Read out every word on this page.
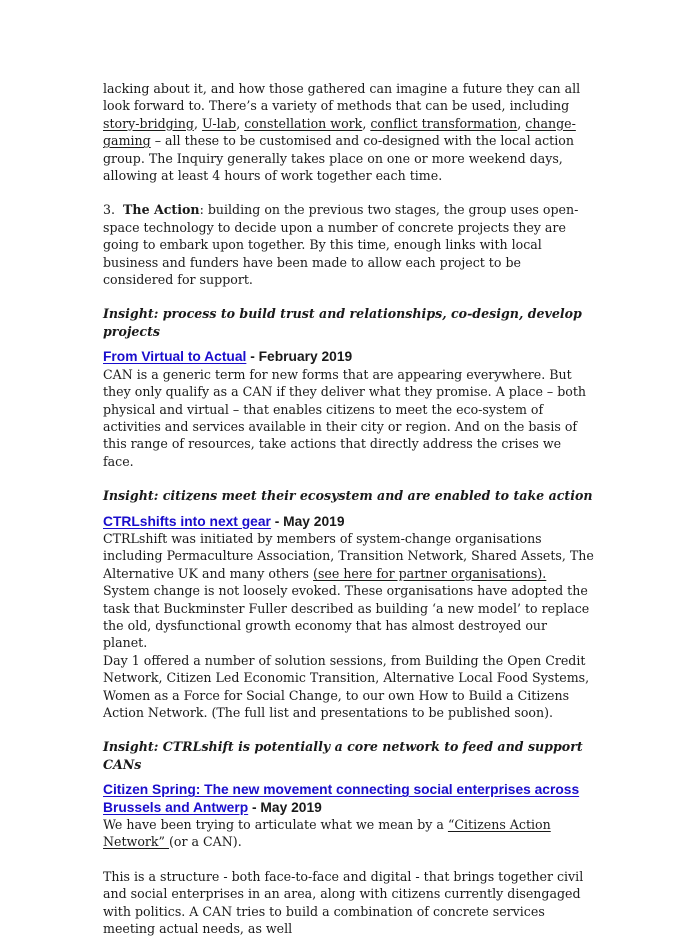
lacking about it, and how those gathered can imagine a future they can all look forward to. There’s a variety of methods that can be used, including story-bridging, U-lab, constellation work, conflict transformation, change-gaming – all these to be customised and co-designed with the local action group. The Inquiry generally takes place on one or more weekend days, allowing at least 4 hours of work together each time.

3. The Action: building on the previous two stages, the group uses open-space technology to decide upon a number of concrete projects they are going to embark upon together. By this time, enough links with local business and funders have been made to allow each project to be considered for support.

Insight: process to build trust and relationships, co-design, develop projects

From Virtual to Actual - February 2019

CAN is a generic term for new forms that are appearing everywhere. But they only qualify as a CAN if they deliver what they promise. A place – both physical and virtual – that enables citizens to meet the eco-system of activities and services available in their city or region. And on the basis of this range of resources, take actions that directly address the crises we face.

Insight: citizens meet their ecosystem and are enabled to take action

CTRLshifts into next gear - May 2019

CTRLshift was initiated by members of system-change organisations including Permaculture Association, Transition Network, Shared Assets, The Alternative UK and many others (see here for partner organisations).

System change is not loosely evoked. These organisations have adopted the task that Buckminster Fuller described as building ‘a new model’ to replace the old, dysfunctional growth economy that has almost destroyed our planet.

Day 1 offered a number of solution sessions, from Building the Open Credit Network, Citizen Led Economic Transition, Alternative Local Food Systems, Women as a Force for Social Change, to our own How to Build a Citizens Action Network. (The full list and presentations to be published soon).

Insight: CTRLshift is potentially a core network to feed and support CANs

Citizen Spring: The new movement connecting social enterprises across Brussels and Antwerp - May 2019

We have been trying to articulate what we mean by a “Citizens Action Network” (or a CAN).

This is a structure - both face-to-face and digital - that brings together civil and social enterprises in an area, along with citizens currently disengaged with politics. A CAN tries to build a combination of concrete services meeting actual needs, as well
